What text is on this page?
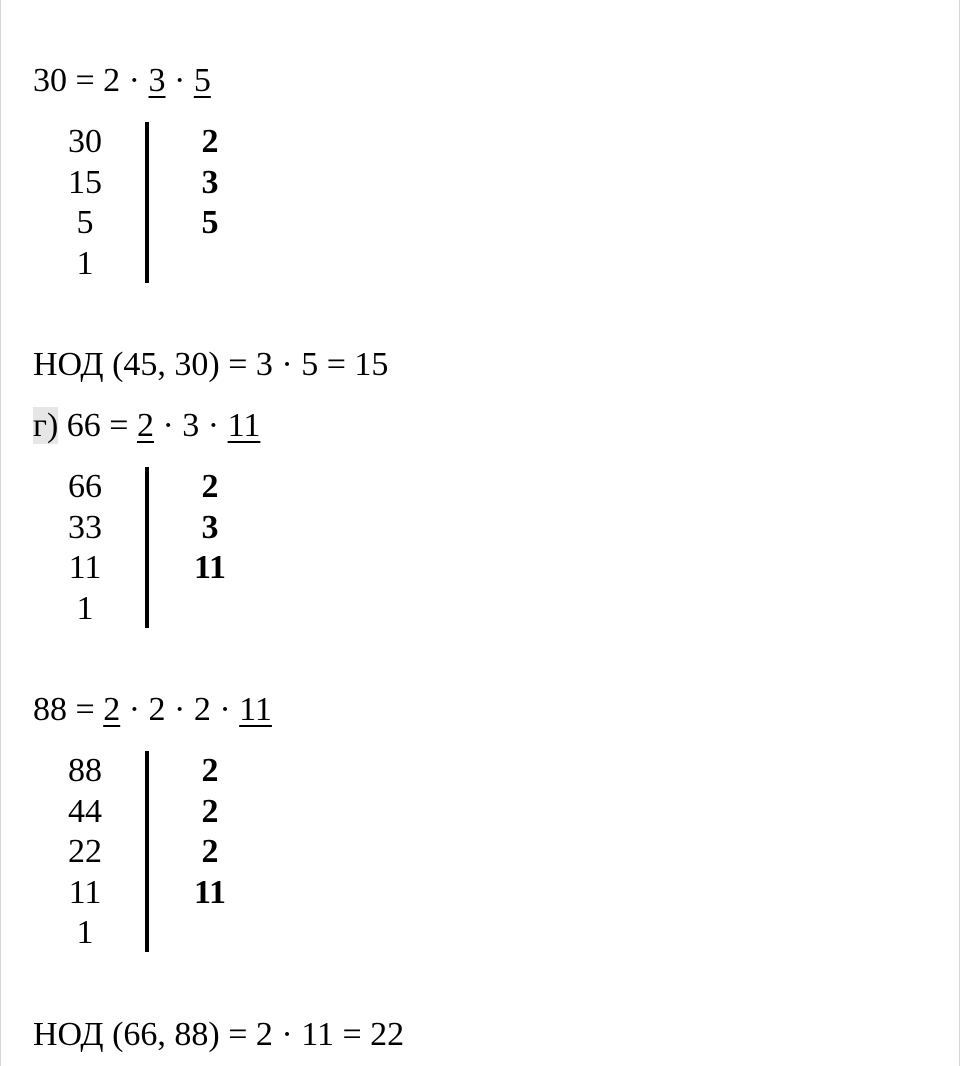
30 = 2 · 3 · 5
30	2
15	3
5	5
1
НОД (45, 30) = 3 · 5 = 15
г) 66 = 2 · 3 · 11
66	2
33	3
11	11
1
88 = 2 · 2 · 2 · 11
88	2
44	2
22	2
11	11
1
НОД (66, 88) = 2 · 11 = 22
